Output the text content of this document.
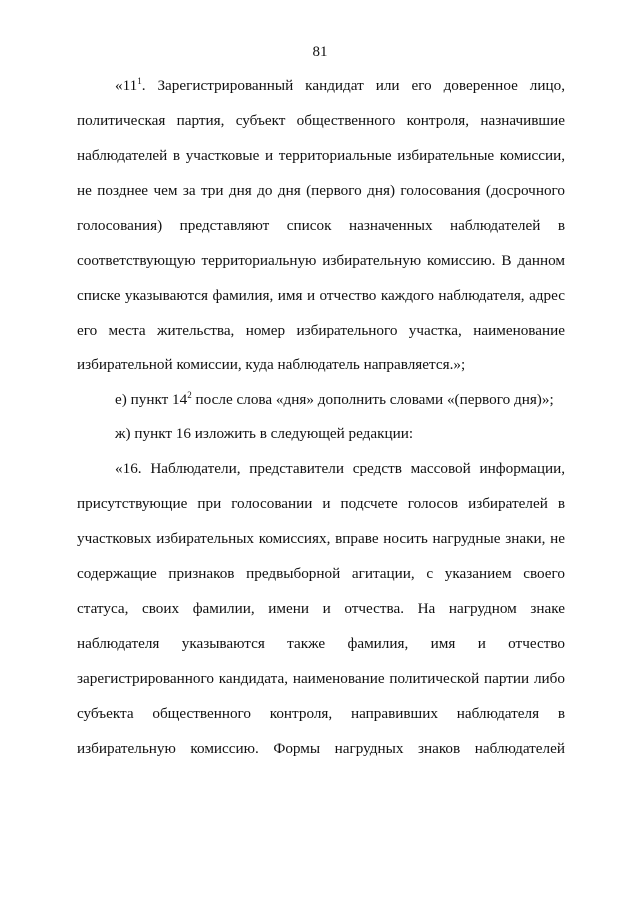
81
«$11^1$. Зарегистрированный кандидат или его доверенное лицо,
политическая партия, субъект общественного контроля, назначившие
наблюдателей в участковые и территориальные избирательные комиссии,
не позднее чем за три дня до дня (первого дня) голосования (досрочного
голосования) представляют список назначенных наблюдателей в
соответствующую территориальную избирательную комиссию. В данном
списке указываются фамилия, имя и отчество каждого наблюдателя, адрес
его места жительства, номер избирательного участка, наименование
избирательной комиссии, куда наблюдатель направляется.»;
е) пункт $14^2$ после слова «дня» дополнить словами «(первого дня)»;
ж) пункт 16 изложить в следующей редакции:
«16. Наблюдатели, представители средств массовой информации,
присутствующие при голосовании и подсчете голосов избирателей в
участковых избирательных комиссиях, вправе носить нагрудные знаки, не
содержащие признаков предвыборной агитации, с указанием своего
статуса, своих фамилии, имени и отчества. На нагрудном знаке
наблюдателя указываются также фамилия, имя и отчество
зарегистрированного кандидата, наименование политической партии либо
субъекта общественного контроля, направивших наблюдателя в
избирательную комиссию. Формы нагрудных знаков наблюдателей
